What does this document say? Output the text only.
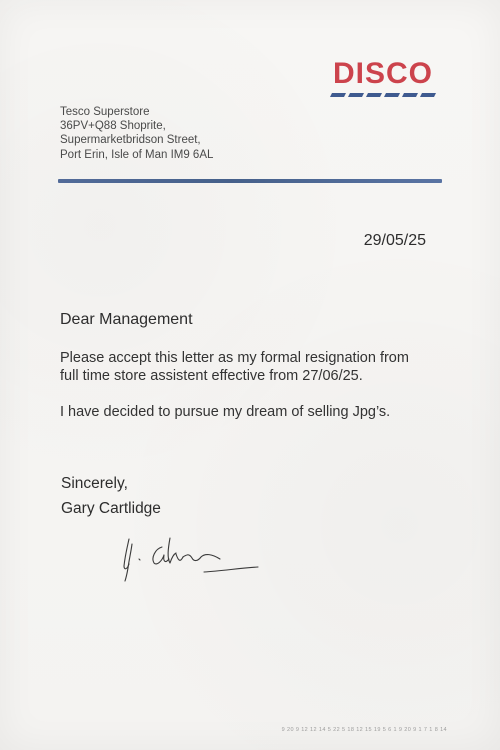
DISCO
Tesco Superstore
36PV+Q88 Shoprite,
Supermarketbridson Street,
Port Erin, Isle of Man IM9 6AL
29/05/25
Dear Management
Please accept this letter as my formal resignation from full time store assistent effective from 27/06/25.
I have decided to pursue my dream of selling Jpg’s.
Sincerely,
Gary Cartlidge
9 20 9 12 12 14 5 22 5 18 12 15 19 5 6 1 9 20 9 1 7 1 8 14
